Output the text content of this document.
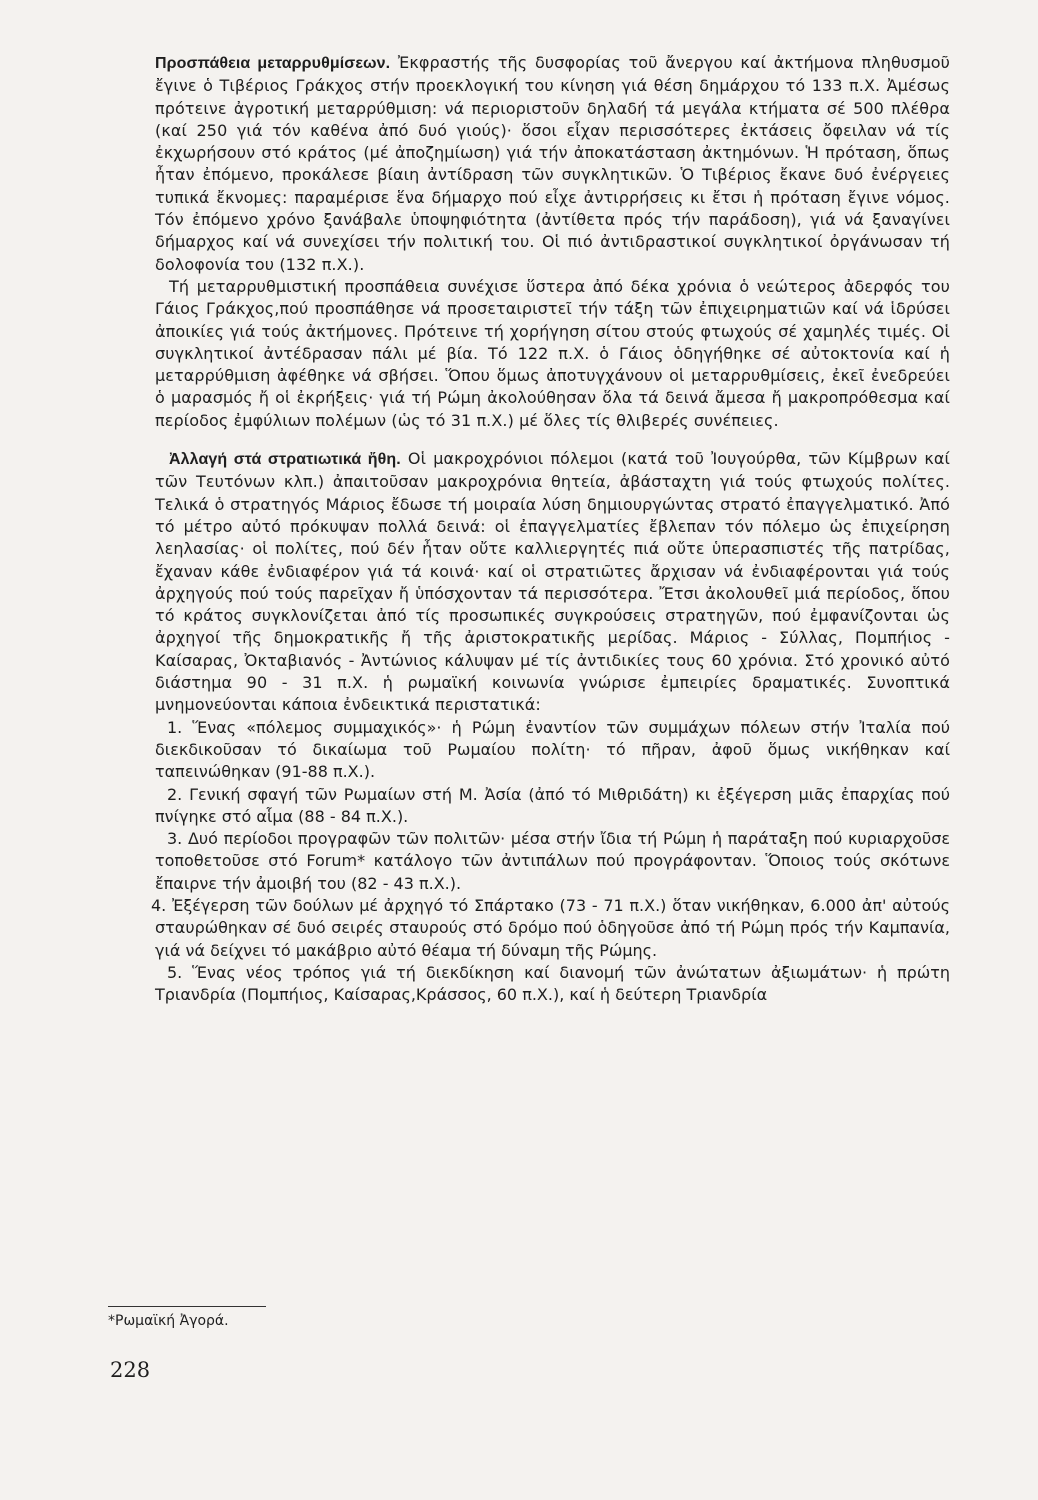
Προσπάθεια μεταρρυθμίσεων. Ἐκφραστής τῆς δυσφορίας τοῦ ἄνεργου καί ἀκτήμονα πληθυσμοῦ ἔγινε ὁ Τιβέριος Γράκχος στήν προεκλογική του κίνηση γιά θέση δημάρχου τό 133 π.Χ. Ἀμέσως πρότεινε ἀγροτική μεταρρύθμιση: νά περιοριστοῦν δηλαδή τά μεγάλα κτήματα σέ 500 πλέθρα (καί 250 γιά τόν καθένα ἀπό δυό γιούς)· ὅσοι εἶχαν περισσότερες ἐκτάσεις ὄφειλαν νά τίς ἐκχωρήσουν στό κράτος (μέ ἀποζημίωση) γιά τήν ἀποκατάσταση ἀκτημόνων. Ἡ πρόταση, ὅπως ἦταν ἐπόμενο, προκάλεσε βίαιη ἀντίδραση τῶν συγκλητικῶν. Ὁ Τιβέριος ἔκανε δυό ἐνέργειες τυπικά ἔκνομες: παραμέρισε ἕνα δήμαρχο πού εἶχε ἀντιρρήσεις κι ἔτσι ἡ πρόταση ἔγινε νόμος. Τόν ἐπόμενο χρόνο ξανάβαλε ὑποψηφιότητα (ἀντίθετα πρός τήν παράδοση), γιά νά ξαναγίνει δήμαρχος καί νά συνεχίσει τήν πολιτική του. Οἱ πιό ἀντιδραστικοί συγκλητικοί ὀργάνωσαν τή δολοφονία του (132 π.Χ.).

Τή μεταρρυθμιστική προσπάθεια συνέχισε ὕστερα ἀπό δέκα χρόνια ὁ νεώτερος ἀδερφός του Γάιος Γράκχος,πού προσπάθησε νά προσεταιριστεῖ τήν τάξη τῶν ἐπιχειρηματιῶν καί νά ἱδρύσει ἀποικίες γιά τούς ἀκτήμονες. Πρότεινε τή χορήγηση σίτου στούς φτωχούς σέ χαμηλές τιμές. Οἱ συγκλητικοί ἀντέδρασαν πάλι μέ βία. Τό 122 π.Χ. ὁ Γάιος ὁδηγήθηκε σέ αὐτοκτονία καί ἡ μεταρρύθμιση ἀφέθηκε νά σβήσει. Ὅπου ὅμως ἀποτυγχάνουν οἱ μεταρρυθμίσεις, ἐκεῖ ἐνεδρεύει ὁ μαρασμός ἤ οἱ ἐκρήξεις· γιά τή Ρώμη ἀκολούθησαν ὅλα τά δεινά ἄμεσα ἤ μακροπρόθεσμα καί περίοδος ἐμφύλιων πολέμων (ὡς τό 31 π.Χ.) μέ ὅλες τίς θλιβερές συνέπειες.

Ἀλλαγή στά στρατιωτικά ἤθη. Οἱ μακροχρόνιοι πόλεμοι (κατά τοῦ Ἰουγούρθα, τῶν Κίμβρων καί τῶν Τευτόνων κλπ.) ἀπαιτοῦσαν μακροχρόνια θητεία, ἀβάσταχτη γιά τούς φτωχούς πολίτες. Τελικά ὁ στρατηγός Μάριος ἔδωσε τή μοιραία λύση δημιουργώντας στρατό ἐπαγγελματικό. Ἀπό τό μέτρο αὐτό πρόκυψαν πολλά δεινά: οἱ ἐπαγγελματίες ἔβλεπαν τόν πόλεμο ὡς ἐπιχείρηση λεηλασίας· οἱ πολίτες, πού δέν ἦταν οὔτε καλλιεργητές πιά οὔτε ὑπερασπιστές τῆς πατρίδας, ἔχαναν κάθε ἐνδιαφέρον γιά τά κοινά· καί οἱ στρατιῶτες ἄρχισαν νά ἐνδιαφέρονται γιά τούς ἀρχηγούς πού τούς παρεῖχαν ἤ ὑπόσχονταν τά περισσότερα. Ἔτσι ἀκολουθεῖ μιά περίοδος, ὅπου τό κράτος συγκλονίζεται ἀπό τίς προσωπικές συγκρούσεις στρατηγῶν, πού ἐμφανίζονται ὡς ἀρχηγοί τῆς δημοκρατικῆς ἤ τῆς ἀριστοκρατικῆς μερίδας. Μάριος - Σύλλας, Πομπήιος - Καίσαρας, Ὀκταβιανός - Ἀντώνιος κάλυψαν μέ τίς ἀντιδικίες τους 60 χρόνια. Στό χρονικό αὐτό διάστημα 90 - 31 π.Χ. ἡ ρωμαϊκή κοινωνία γνώρισε ἐμπειρίες δραματικές. Συνοπτικά μνημονεύονται κάποια ἐνδεικτικά περιστατικά:

1. Ἕνας «πόλεμος συμμαχικός»· ἡ Ρώμη ἐναντίον τῶν συμμάχων πόλεων στήν Ἰταλία πού διεκδικοῦσαν τό δικαίωμα τοῦ Ρωμαίου πολίτη· τό πῆραν, ἀφοῦ ὅμως νικήθηκαν καί ταπεινώθηκαν (91-88 π.Χ.).

2. Γενική σφαγή τῶν Ρωμαίων στή Μ. Ἀσία (ἀπό τό Μιθριδάτη) κι ἐξέγερση μιᾶς ἐπαρχίας πού πνίγηκε στό αἷμα (88 - 84 π.Χ.).

3. Δυό περίοδοι προγραφῶν τῶν πολιτῶν· μέσα στήν ἴδια τή Ρώμη ἡ παράταξη πού κυριαρχοῦσε τοποθετοῦσε στό Forum* κατάλογο τῶν ἀντιπάλων πού προγράφονταν. Ὅποιος τούς σκότωνε ἔπαιρνε τήν ἀμοιβή του (82 - 43 π.Χ.).

4. Ἐξέγερση τῶν δούλων μέ ἀρχηγό τό Σπάρτακο (73 - 71 π.Χ.) ὅταν νικήθηκαν, 6.000 ἀπ' αὐτούς σταυρώθηκαν σέ δυό σειρές σταυρούς στό δρόμο πού ὁδηγοῦσε ἀπό τή Ρώμη πρός τήν Καμπανία, γιά νά δείχνει τό μακάβριο αὐτό θέαμα τή δύναμη τῆς Ρώμης.

5. Ἕνας νέος τρόπος γιά τή διεκδίκηση καί διανομή τῶν ἀνώτατων ἀξιωμάτων· ἡ πρώτη Τριανδρία (Πομπήιος, Καίσαρας,Κράσσος, 60 π.Χ.), καί ἡ δεύτερη Τριανδρία

*Ρωμαϊκή Ἀγορά.
228
